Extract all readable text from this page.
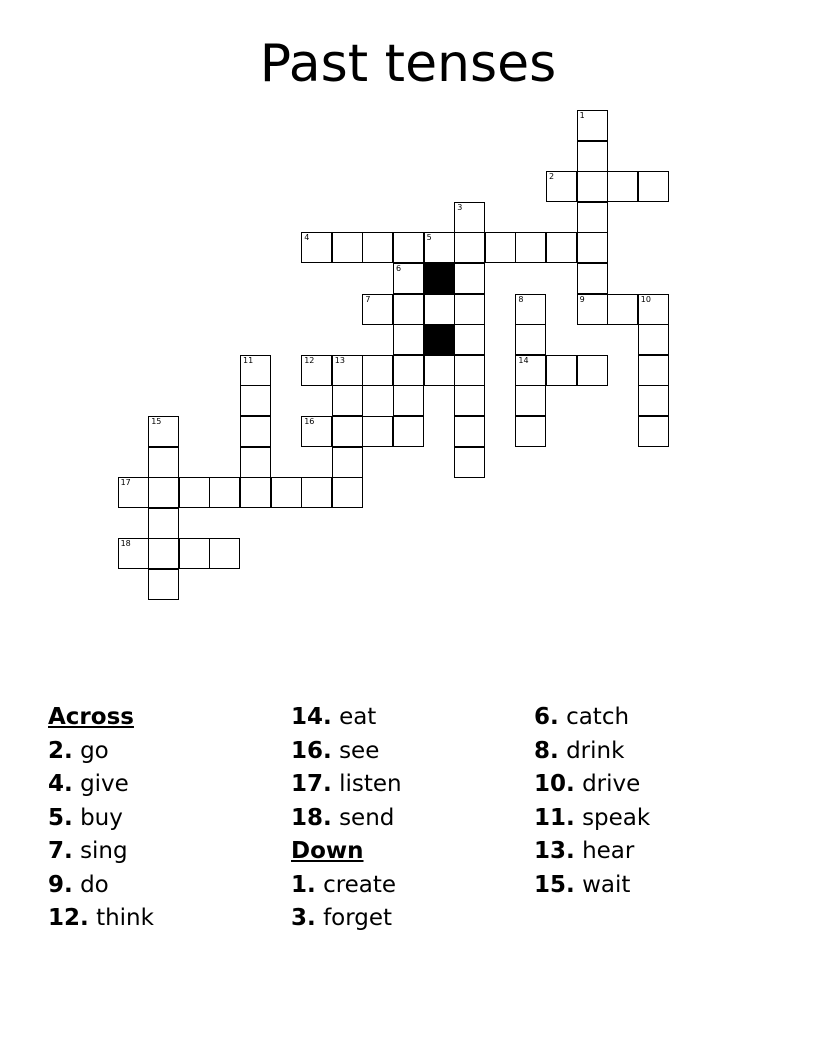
Past tenses
1
2
3
4	5
6
7	8	9	10
11	12	13	14
15	16
17
18
Across
2. go
4. give
5. buy
7. sing
9. do
12. think
14. eat
16. see
17. listen
18. send
Down
1. create
3. forget
6. catch
8. drink
10. drive
11. speak
13. hear
15. wait
